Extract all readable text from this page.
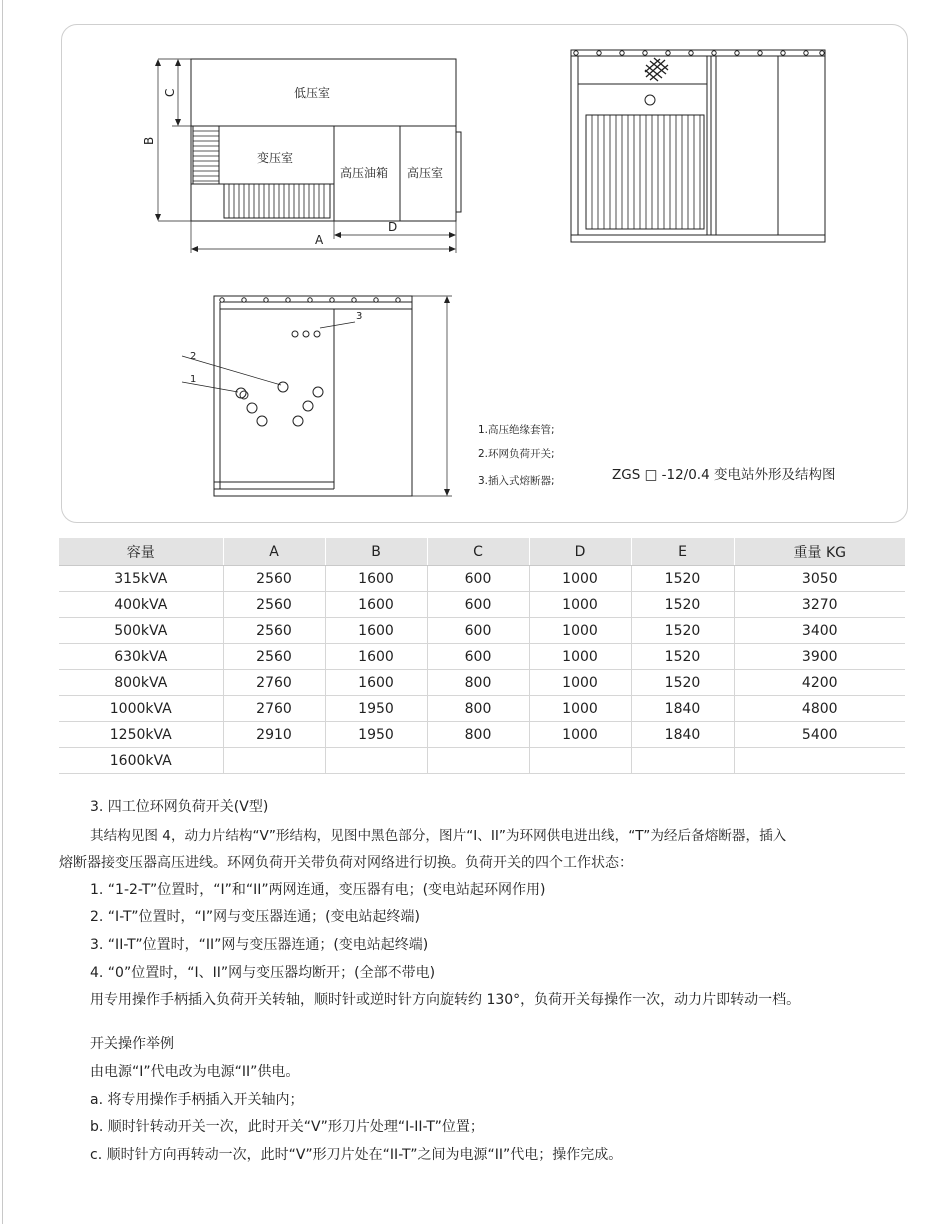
低压室
变压室
高压油箱 高压室
A
D
C
B
2
1
3
1.高压绝缘套管;
2.环网负荷开关;
3.插入式熔断器;	ZGS □ -12/0.4 变电站外形及结构图
容量	A	B	C	D	E	重量 KG
315kVA	2560	1600	600	1000	1520	3050
400kVA	2560	1600	600	1000	1520	3270
500kVA	2560	1600	600	1000	1520	3400
630kVA	2560	1600	600	1000	1520	3900
800kVA	2760	1600	800	1000	1520	4200
1000kVA	2760	1950	800	1000	1840	4800
1250kVA	2910	1950	800	1000	1840	5400
1600kVA						

3. 四工位环网负荷开关(V型)

其结构见图 4，动力片结构“V”形结构，见图中黑色部分，图片“I、II”为环网供电进出线，“T”为经后备熔断器，插入

熔断器接变压器高压进线。环网负荷开关带负荷对网络进行切换。负荷开关的四个工作状态：

1. “1-2-T”位置时，“I”和“II”两网连通，变压器有电；(变电站起环网作用)

2. “I-T”位置时，“I”网与变压器连通；(变电站起终端)

3. “II-T”位置时，“II”网与变压器连通；(变电站起终端)

4. “0”位置时，“I、II”网与变压器均断开；(全部不带电)

用专用操作手柄插入负荷开关转轴，顺时针或逆时针方向旋转约 130°，负荷开关每操作一次，动力片即转动一档。

开关操作举例

由电源“I”代电改为电源“II”供电。

a. 将专用操作手柄插入开关轴内；

b. 顺时针转动开关一次，此时开关“V”形刀片处理“I-II-T”位置；

c. 顺时针方向再转动一次，此时“V”形刀片处在“II-T”之间为电源“II”代电；操作完成。
